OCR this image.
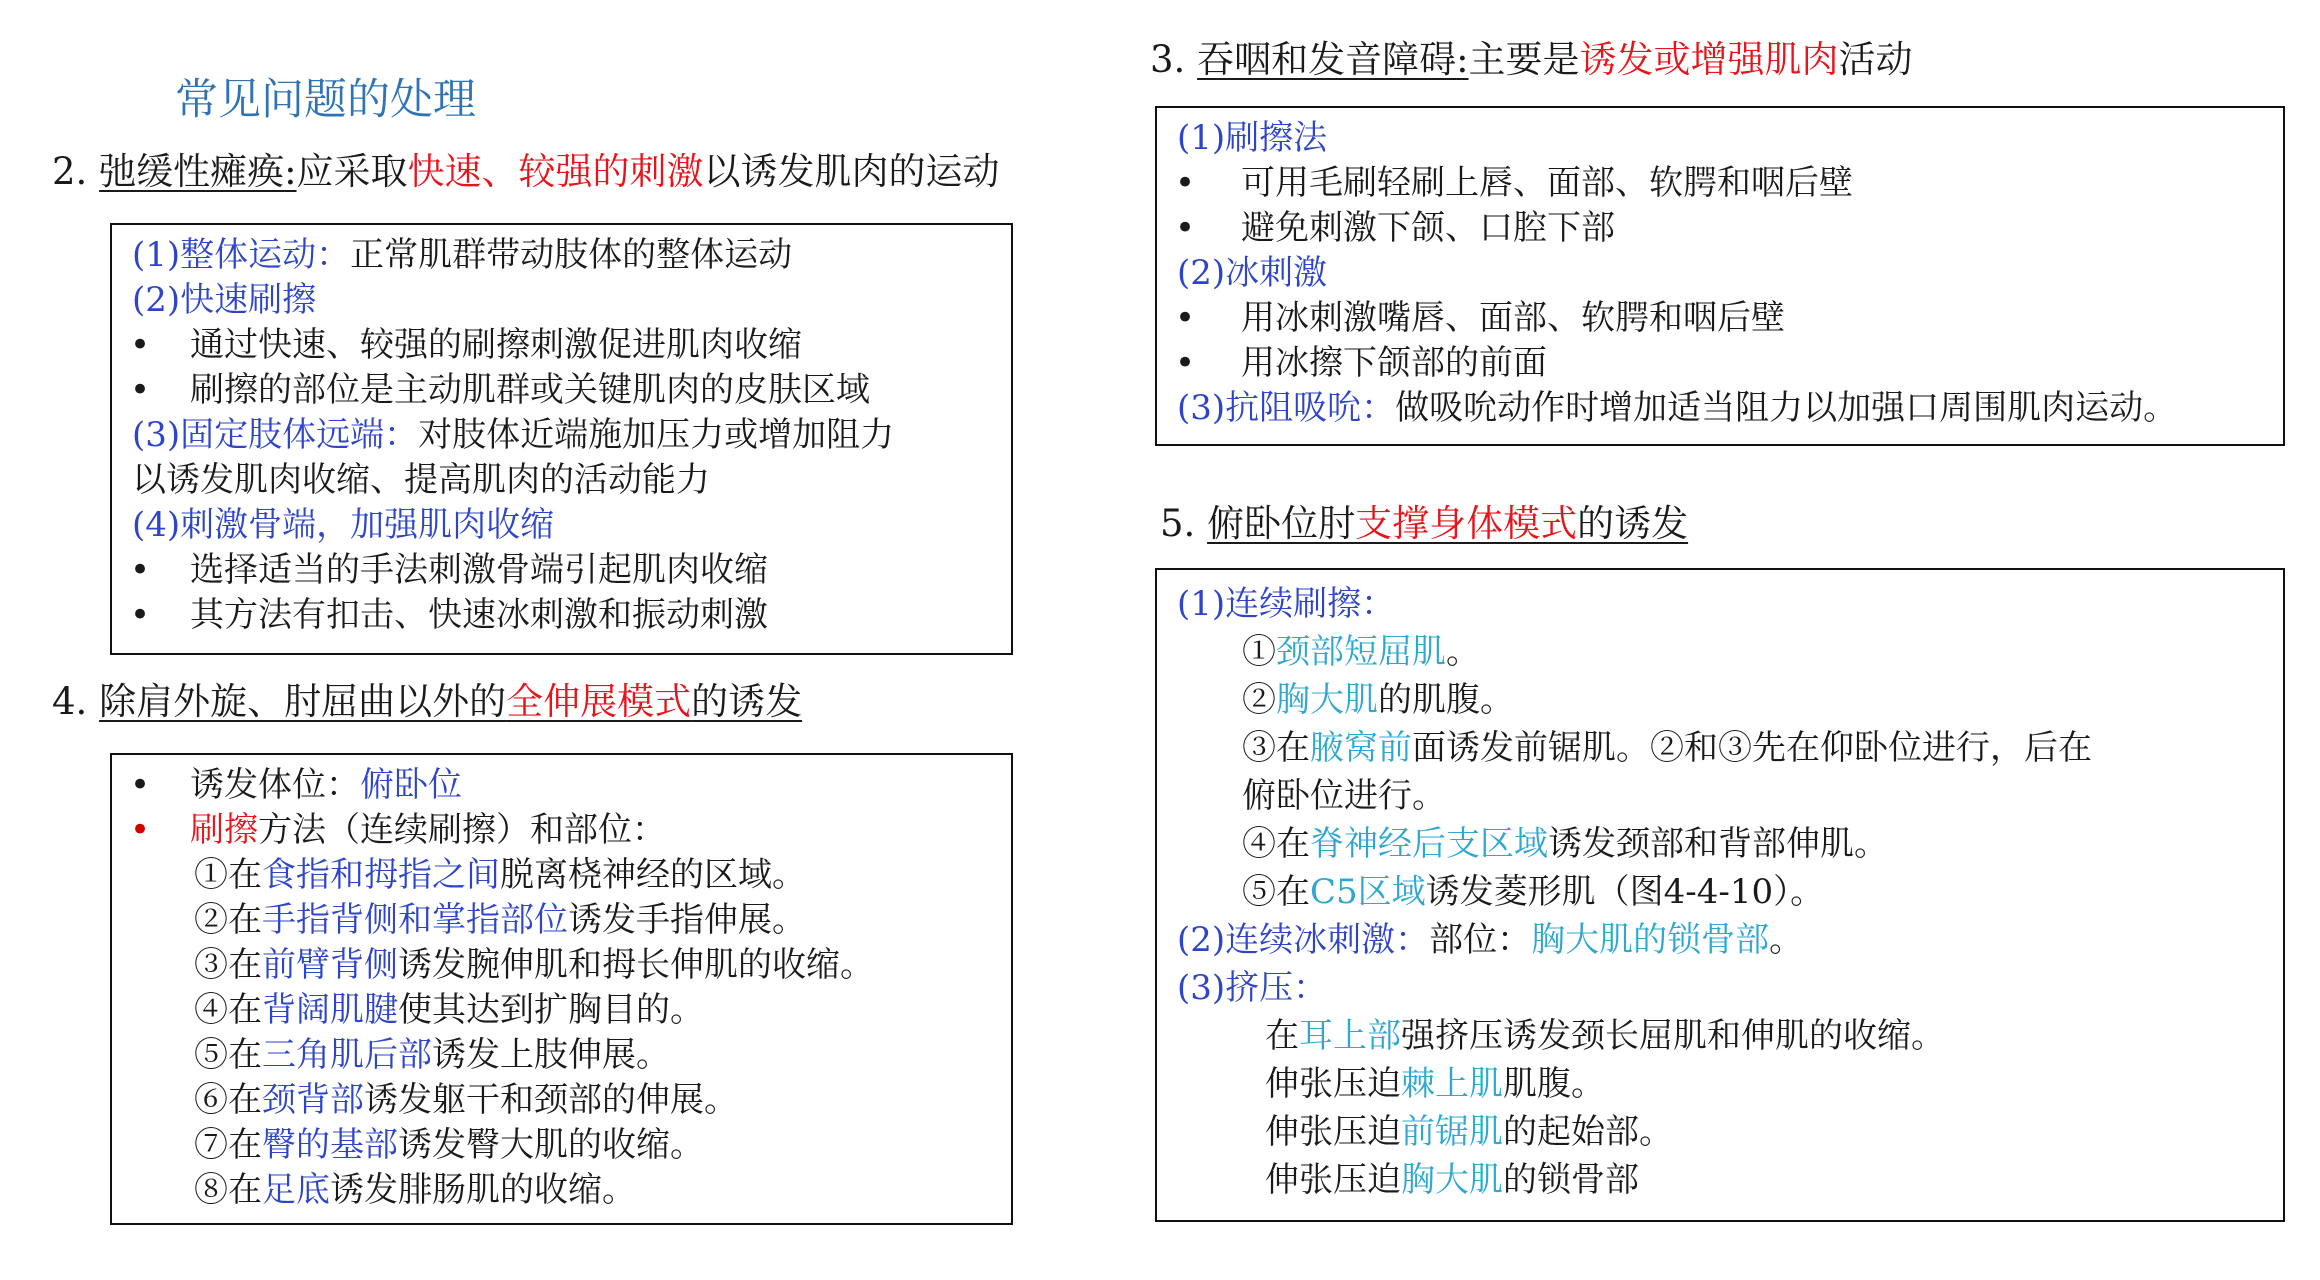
常见问题的处理
2. 弛缓性瘫痪:应采取快速、较强的刺激以诱发肌肉的运动
(1)整体运动：正常肌群带动肢体的整体运动
(2)快速刷擦
• 通过快速、较强的刷擦刺激促进肌肉收缩
• 刷擦的部位是主动肌群或关键肌肉的皮肤区域
(3)固定肢体远端：对肢体近端施加压力或增加阻力
以诱发肌肉收缩、提高肌肉的活动能力
(4)刺激骨端，加强肌肉收缩
• 选择适当的手法刺激骨端引起肌肉收缩
• 其方法有扣击、快速冰刺激和振动刺激
4. 除肩外旋、肘屈曲以外的全伸展模式的诱发
• 诱发体位：俯卧位
• 刷擦方法（连续刷擦）和部位：
①在食指和拇指之间脱离桡神经的区域。
②在手指背侧和掌指部位诱发手指伸展。
③在前臂背侧诱发腕伸肌和拇长伸肌的收缩。
④在背阔肌腱使其达到扩胸目的。
⑤在三角肌后部诱发上肢伸展。
⑥在颈背部诱发躯干和颈部的伸展。
⑦在臀的基部诱发臀大肌的收缩。
⑧在足底诱发腓肠肌的收缩。
3. 吞咽和发音障碍:主要是诱发或增强肌肉活动
(1)刷擦法
• 可用毛刷轻刷上唇、面部、软腭和咽后壁
• 避免刺激下颌、口腔下部
(2)冰刺激
• 用冰刺激嘴唇、面部、软腭和咽后壁
• 用冰擦下颌部的前面
(3)抗阻吸吮：做吸吮动作时增加适当阻力以加强口周围肌肉运动。
5. 俯卧位肘支撑身体模式的诱发
(1)连续刷擦：
①颈部短屈肌。
②胸大肌的肌腹。
③在腋窝前面诱发前锯肌。②和③先在仰卧位进行，后在
俯卧位进行。
④在脊神经后支区域诱发颈部和背部伸肌。
⑤在C5区域诱发菱形肌（图4-4-10）。
(2)连续冰刺激：部位：胸大肌的锁骨部。
(3)挤压：
在耳上部强挤压诱发颈长屈肌和伸肌的收缩。
伸张压迫棘上肌肌腹。
伸张压迫前锯肌的起始部。
伸张压迫胸大肌的锁骨部
